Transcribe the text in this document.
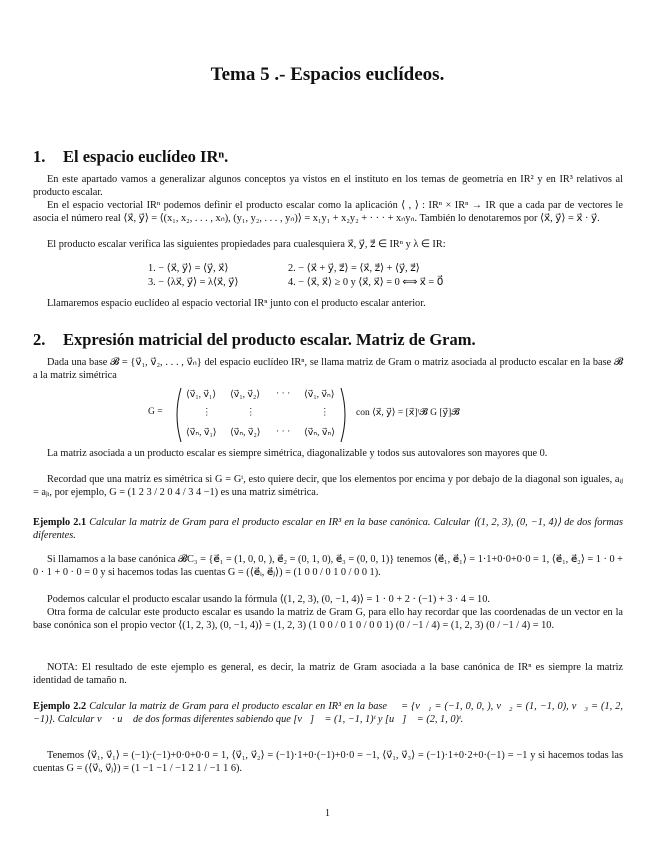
Tema 5 .- Espacios euclídeos.
1. El espacio euclídeo IRⁿ.

En este apartado vamos a generalizar algunos conceptos ya vistos en el instituto en los temas de geometría en IR² y en IR³ relativos al producto escalar.

En el espacio vectorial IRⁿ podemos definir el producto escalar como la aplicación ⟨ , ⟩ : IRⁿ × IRⁿ → IR que a cada par de vectores le asocia el número real ⟨x⃗, y⃗⟩ = ⟨(x₁, x₂, . . . , xₙ), (y₁, y₂, . . . , yₙ)⟩ = x₁y₁ + x₂y₂ + · · · + xₙyₙ. También lo denotaremos por ⟨x⃗, y⃗⟩ = x⃗ · y⃗.

El producto escalar verifica las siguientes propiedades para cualesquiera x⃗, y⃗, z⃗ ∈ IRⁿ y λ ∈ IR:

1. − ⟨x⃗, y⃗⟩ = ⟨y⃗, x⃗⟩	2. − ⟨x⃗ + y⃗, z⃗⟩ = ⟨x⃗, z⃗⟩ + ⟨y⃗, z⃗⟩
3. − ⟨λx⃗, y⃗⟩ = λ⟨x⃗, y⃗⟩	4. − ⟨x⃗, x⃗⟩ ≥ 0 y ⟨x⃗, x⃗⟩ = 0 ⟺ x⃗ = 0⃗

Llamaremos espacio euclídeo al espacio vectorial IRⁿ junto con el producto escalar anterior.

2. Expresión matricial del producto escalar. Matriz de Gram.

Dada una base 𝓑 = {v⃗₁, v⃗₂, . . . , v⃗ₙ} del espacio euclídeo IRⁿ, se llama matriz de Gram o matriz asociada al producto escalar en la base 𝓑 a la matriz simétrica

G =
⟨v⃗₁, v⃗₁⟩ ⟨v⃗₁, v⃗₂⟩ · · · ⟨v⃗₁, v⃗ₙ⟩
⋮	⋮	⋮
⟨v⃗ₙ, v⃗₁⟩ ⟨v⃗ₙ, v⃗₂⟩ · · · ⟨v⃗ₙ, v⃗ₙ⟩
con ⟨x⃗, y⃗⟩ = [x⃗]ᵗ𝓑 G [y⃗]𝓑

La matriz asociada a un producto escalar es siempre simétrica, diagonalizable y todos sus autovalores son mayores que 0.

Recordad que una matriz es simétrica si G = Gᵗ, esto quiere decir, que los elementos por encima y por debajo de la diagonal son iguales, aᵢⱼ = aⱼᵢ, por ejemplo, G = (1 2 3 / 2 0 4 / 3 4 −1) es una matriz simétrica.

Ejemplo 2.1 Calcular la matriz de Gram para el producto escalar en IR³ en la base canónica. Calcular ⟨(1, 2, 3), (0, −1, 4)⟩ de dos formas diferentes.

Si llamamos a la base canónica 𝓑C₃ = {e⃗₁ = (1, 0, 0, ), e⃗₂ = (0, 1, 0), e⃗₃ = (0, 0, 1)} tenemos ⟨e⃗₁, e⃗₁⟩ = 1·1+0·0+0·0 = 1, ⟨e⃗₁, e⃗₂⟩ = 1 · 0 + 0 · 1 + 0 · 0 = 0 y si hacemos todas las cuentas G = (⟨e⃗ᵢ, e⃗ⱼ⟩) = (1 0 0 / 0 1 0 / 0 0 1).

Podemos calcular el producto escalar usando la fórmula ⟨(1, 2, 3), (0, −1, 4)⟩ = 1 · 0 + 2 · (−1) + 3 · 4 = 10.

Otra forma de calcular este producto escalar es usando la matriz de Gram G, para ello hay recordar que las coordenadas de un vector en la base conónica son el propio vector ⟨(1, 2, 3), (0, −1, 4)⟩ = (1, 2, 3) (1 0 0 / 0 1 0 / 0 0 1) (0 / −1 / 4) = (1, 2, 3) (0 / −1 / 4) = 10.

NOTA: El resultado de este ejemplo es general, es decir, la matriz de Gram asociada a la base canónica de IRⁿ es siempre la matriz identidad de tamaño n.

Ejemplo 2.2 Calcular la matriz de Gram para el producto escalar en IR³ en la base 𝓑 = {v⃗₁ = (−1, 0, 0, ), v⃗₂ = (1, −1, 0), v⃗₃ = (1, 2, −1)}. Calcular v⃗ · u⃗ de dos formas diferentes sabiendo que [v⃗]𝓑 = (1, −1, 1)ᵗ y [u⃗]𝓑 = (2, 1, 0)ᵗ.

Tenemos ⟨v⃗₁, v⃗₁⟩ = (−1)·(−1)+0·0+0·0 = 1, ⟨v⃗₁, v⃗₂⟩ = (−1)·1+0·(−1)+0·0 = −1, ⟨v⃗₁, v⃗₃⟩ = (−1)·1+0·2+0·(−1) = −1 y si hacemos todas las cuentas G = (⟨v⃗ᵢ, v⃗ⱼ⟩) = (1 −1 −1 / −1 2 1 / −1 1 6).

1
